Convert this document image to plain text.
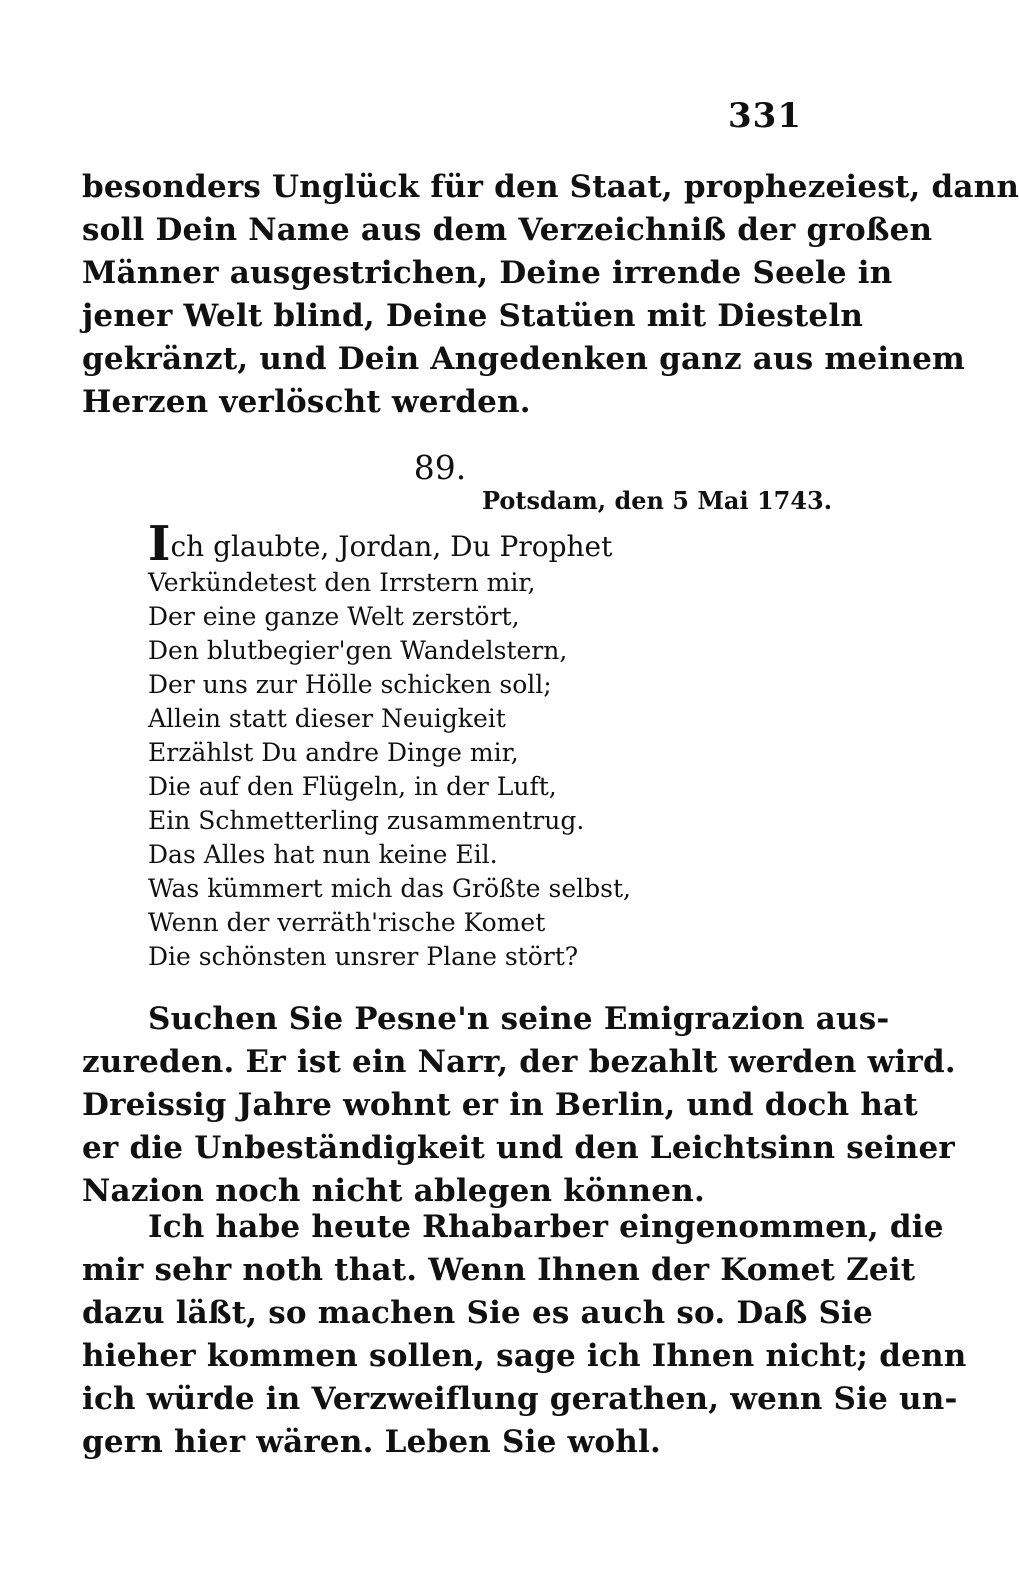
331
besonders Unglück für den Staat, prophezeiest, dann
soll Dein Name aus dem Verzeichniß der großen
Männer ausgestrichen, Deine irrende Seele in
jener Welt blind, Deine Statüen mit Diesteln
gekränzt, und Dein Angedenken ganz aus meinem
Herzen verlöscht werden.
89.
Potsdam, den 5 Mai 1743.
Ich glaubte, Jordan, Du Prophet
Verkündetest den Irrstern mir,
Der eine ganze Welt zerstört,
Den blutbegier'gen Wandelstern,
Der uns zur Hölle schicken soll;
Allein statt dieser Neuigkeit
Erzählst Du andre Dinge mir,
Die auf den Flügeln, in der Luft,
Ein Schmetterling zusammentrug.
Das Alles hat nun keine Eil.
Was kümmert mich das Größte selbst,
Wenn der verräth'rische Komet
Die schönsten unsrer Plane stört?
Suchen Sie Pesne'n seine Emigrazion aus-
zureden. Er ist ein Narr, der bezahlt werden wird.
Dreissig Jahre wohnt er in Berlin, und doch hat
er die Unbeständigkeit und den Leichtsinn seiner
Nazion noch nicht ablegen können.
Ich habe heute Rhabarber eingenommen, die
mir sehr noth that. Wenn Ihnen der Komet Zeit
dazu läßt, so machen Sie es auch so. Daß Sie
hieher kommen sollen, sage ich Ihnen nicht; denn
ich würde in Verzweiflung gerathen, wenn Sie un-
gern hier wären. Leben Sie wohl.
